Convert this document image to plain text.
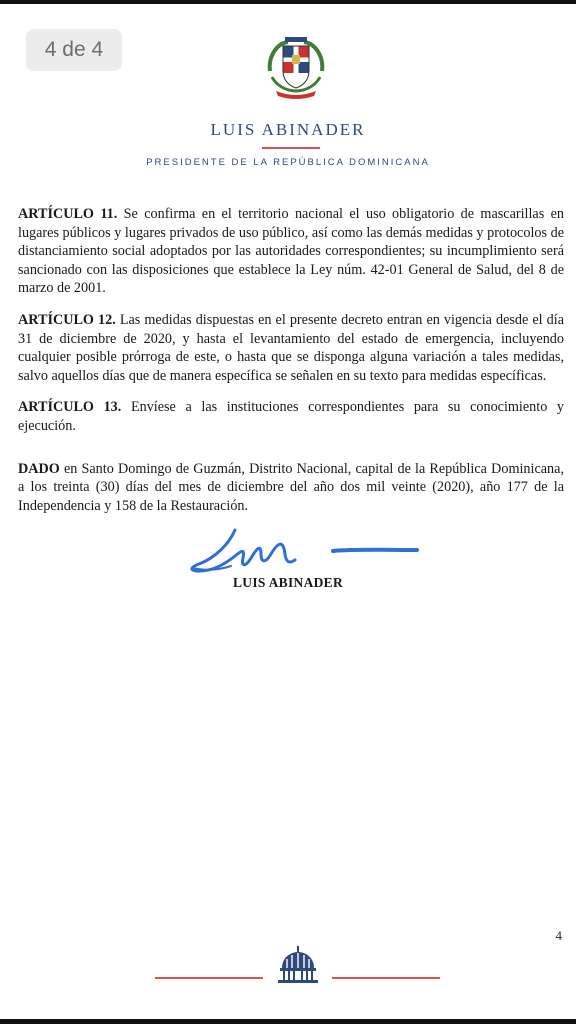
4 de 4
LUIS ABINADER
PRESIDENTE DE LA REPÚBLICA DOMINICANA

ARTÍCULO 11. Se confirma en el territorio nacional el uso obligatorio de mascarillas en lugares públicos y lugares privados de uso público, así como las demás medidas y protocolos de distanciamiento social adoptados por las autoridades correspondientes; su incumplimiento será sancionado con las disposiciones que establece la Ley núm. 42-01 General de Salud, del 8 de marzo de 2001.

ARTÍCULO 12. Las medidas dispuestas en el presente decreto entran en vigencia desde el día 31 de diciembre de 2020, y hasta el levantamiento del estado de emergencia, incluyendo cualquier posible prórroga de este, o hasta que se disponga alguna variación a tales medidas, salvo aquellos días que de manera específica se señalen en su texto para medidas específicas.

ARTÍCULO 13. Envíese a las instituciones correspondientes para su conocimiento y ejecución.

DADO en Santo Domingo de Guzmán, Distrito Nacional, capital de la República Dominicana, a los treinta (30) días del mes de diciembre del año dos mil veinte (2020), año 177 de la Independencia y 158 de la Restauración.

LUIS ABINADER
4
